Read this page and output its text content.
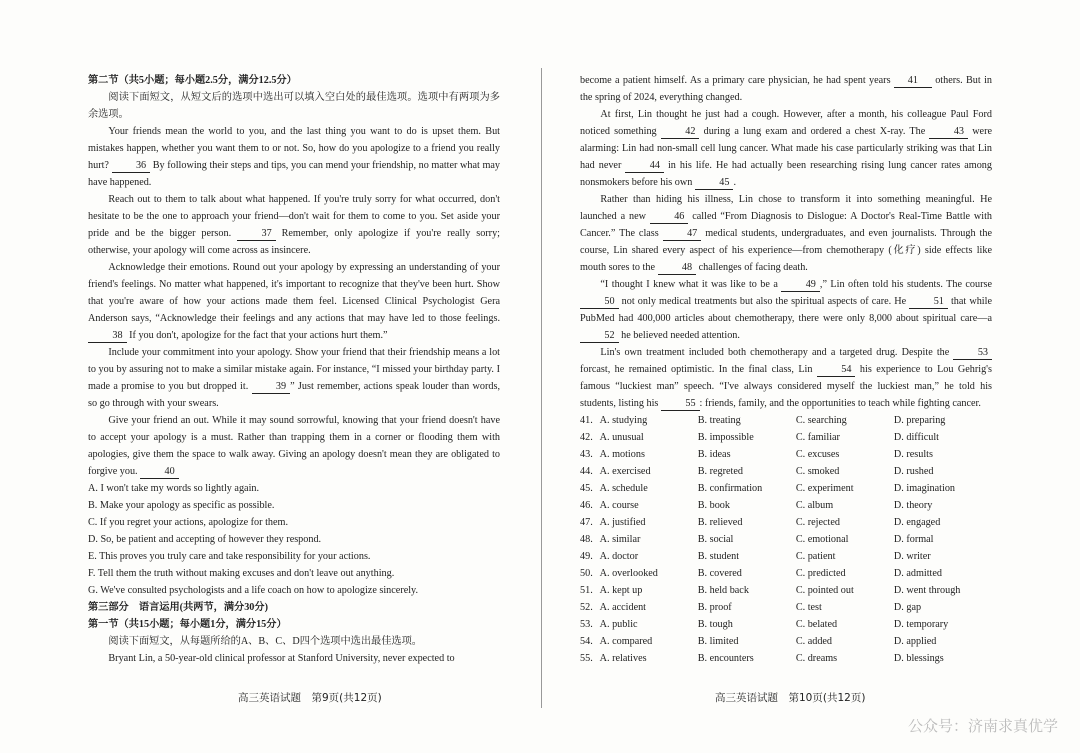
第二节（共5小题；每小题2.5分，满分12.5分）

阅读下面短文，从短文后的选项中选出可以填入空白处的最佳选项。选项中有两项为多余选项。

Your friends mean the world to you, and the last thing you want to do is upset them. But mistakes happen, whether you want them to or not. So, how do you apologize to a friend you really hurt? 36 By following their steps and tips, you can mend your friendship, no matter what may have happened.

Reach out to them to talk about what happened. If you're truly sorry for what occurred, don't hesitate to be the one to approach your friend—don't wait for them to come to you. Set aside your pride and be the bigger person. 37 Remember, only apologize if you're really sorry; otherwise, your apology will come across as insincere.

Acknowledge their emotions. Round out your apology by expressing an understanding of your friend's feelings. No matter what happened, it's important to recognize that they've been hurt. Show that you're aware of how your actions made them feel. Licensed Clinical Psychologist Gera Anderson says, “Acknowledge their feelings and any actions that may have led to those feelings. 38 If you don't, apologize for the fact that your actions hurt them.”

Include your commitment into your apology. Show your friend that their friendship means a lot to you by assuring not to make a similar mistake again. For instance, “I missed your birthday party. I made a promise to you but dropped it. 39 ” Just remember, actions speak louder than words, so go through with your swears.

Give your friend an out. While it may sound sorrowful, knowing that your friend doesn't have to accept your apology is a must. Rather than trapping them in a corner or flooding them with apologies, give them the space to walk away. Giving an apology doesn't mean they are obligated to forgive you. 40

A. I won't take my words so lightly again.

B. Make your apology as specific as possible.

C. If you regret your actions, apologize for them.

D. So, be patient and accepting of however they respond.

E. This proves you truly care and take responsibility for your actions.

F. Tell them the truth without making excuses and don't leave out anything.

G. We've consulted psychologists and a life coach on how to apologize sincerely.

第三部分　语言运用(共两节，满分30分)

第一节（共15小题；每小题1分，满分15分）

阅读下面短文，从每题所给的A、B、C、D四个选项中选出最佳选项。

Bryant Lin, a 50-year-old clinical professor at Stanford University, never expected to

become a patient himself. As a primary care physician, he had spent years 41 others. But in the spring of 2024, everything changed.

At first, Lin thought he just had a cough. However, after a month, his colleague Paul Ford noticed something 42 during a lung exam and ordered a chest X-ray. The 43 were alarming: Lin had non-small cell lung cancer. What made his case particularly striking was that Lin had never 44 in his life. He had actually been researching rising lung cancer rates among nonsmokers before his own 45 .

Rather than hiding his illness, Lin chose to transform it into something meaningful. He launched a new 46 called “From Diagnosis to Dislogue: A Doctor's Real-Time Battle with Cancer.” The class 47 medical students, undergraduates, and even journalists. Through the course, Lin shared every aspect of his experience—from chemotherapy (化疗) side effects like mouth sores to the 48 challenges of facing death.

“I thought I knew what it was like to be a 49 ,” Lin often told his students. The course 50 not only medical treatments but also the spiritual aspects of care. He 51 that while PubMed had 400,000 articles about chemotherapy, there were only 8,000 about spiritual care—a 52 he believed needed attention.

Lin's own treatment included both chemotherapy and a targeted drug. Despite the 53 forcast, he remained optimistic. In the final class, Lin 54 his experience to Lou Gehrig's famous “luckiest man” speech. “I've always considered myself the luckiest man,” he told his students, listing his 55 : friends, family, and the opportunities to teach while fighting cancer.

41. A. studying	B. treating	C. searching	D. preparing
42. A. unusual	B. impossible	C. familiar	D. difficult
43. A. motions	B. ideas	C. excuses	D. results
44. A. exercised	B. regreted	C. smoked	D. rushed
45. A. schedule	B. confirmation	C. experiment	D. imagination
46. A. course	B. book	C. album	D. theory
47. A. justified	B. relieved	C. rejected	D. engaged
48. A. similar	B. social	C. emotional	D. formal
49. A. doctor	B. student	C. patient	D. writer
50. A. overlooked	B. covered	C. predicted	D. admitted
51. A. kept up	B. held back	C. pointed out	D. went through
52. A. accident	B. proof	C. test	D. gap
53. A. public	B. tough	C. belated	D. temporary
54. A. compared	B. limited	C. added	D. applied
55. A. relatives	B. encounters	C. dreams	D. blessings
高三英语试题　第9页(共12页)	高三英语试题　第10页(共12页)
公众号：济南求真优学
